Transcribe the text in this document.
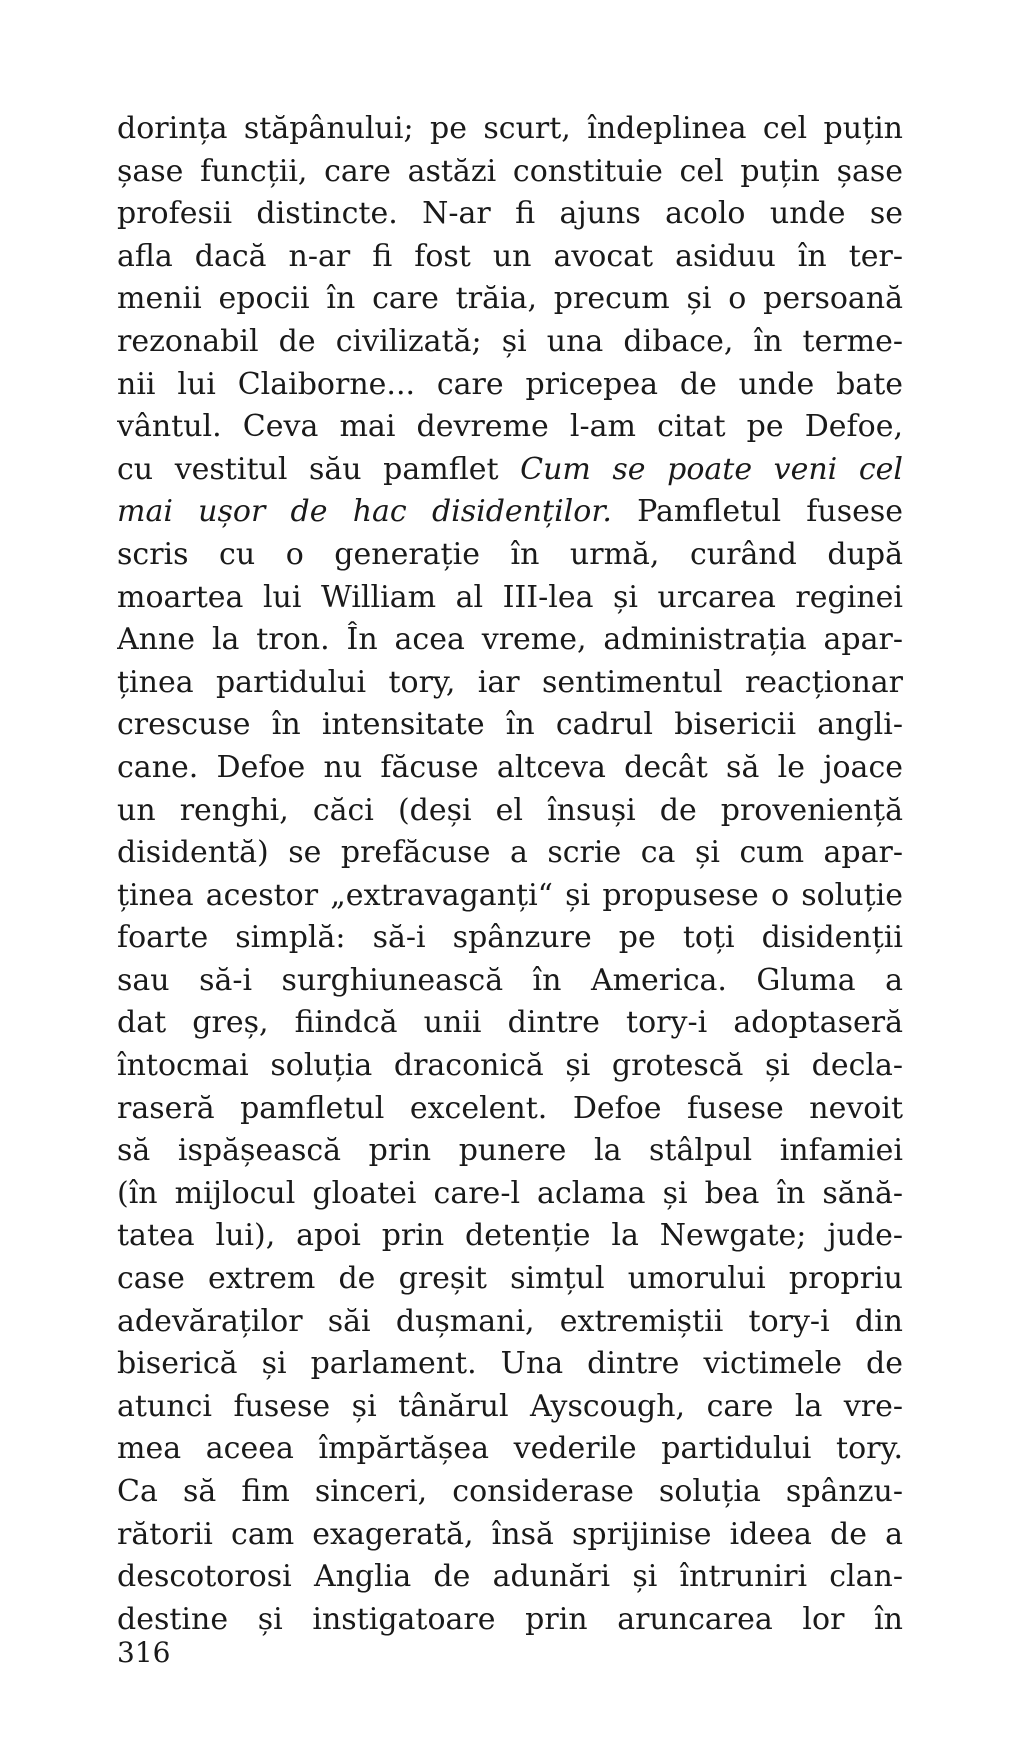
dorința stăpânului; pe scurt, îndeplinea cel puțin
șase funcții, care astăzi constituie cel puțin șase
profesii distincte. N-ar fi ajuns acolo unde se
afla dacă n-ar fi fost un avocat asiduu în ter-
menii epocii în care trăia, precum și o persoană
rezonabil de civilizată; și una dibace, în terme-
nii lui Claiborne... care pricepea de unde bate
vântul. Ceva mai devreme l-am citat pe Defoe,
cu vestitul său pamflet Cum se poate veni cel
mai ușor de hac disidenților. Pamfletul fusese
scris cu o generație în urmă, curând după
moartea lui William al III-lea și urcarea reginei
Anne la tron. În acea vreme, administrația apar-
ținea partidului tory, iar sentimentul reacționar
crescuse în intensitate în cadrul bisericii angli-
cane. Defoe nu făcuse altceva decât să le joace
un renghi, căci (deși el însuși de proveniență
disidentă) se prefăcuse a scrie ca și cum apar-
ținea acestor „extravaganți“ și propusese o soluție
foarte simplă: să-i spânzure pe toți disidenții
sau să-i surghiunească în America. Gluma a
dat greș, fiindcă unii dintre tory-i adoptaseră
întocmai soluția draconică și grotescă și decla-
raseră pamfletul excelent. Defoe fusese nevoit
să ispășească prin punere la stâlpul infamiei
(în mijlocul gloatei care-l aclama și bea în sănă-
tatea lui), apoi prin detenție la Newgate; jude-
case extrem de greșit simțul umorului propriu
adevăraților săi dușmani, extremiștii tory-i din
biserică și parlament. Una dintre victimele de
atunci fusese și tânărul Ayscough, care la vre-
mea aceea împărtășea vederile partidului tory.
Ca să fim sinceri, considerase soluția spânzu-
rătorii cam exagerată, însă sprijinise ideea de a
descotorosi Anglia de adunări și întruniri clan-
destine și instigatoare prin aruncarea lor în
316
